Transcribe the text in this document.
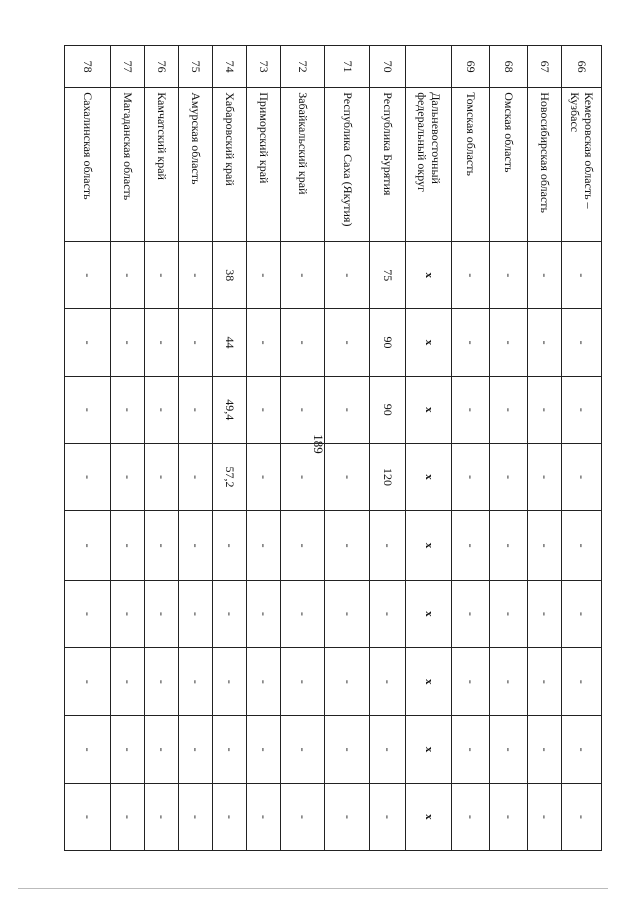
189
66	Кемеровская область – Кузбасс	-	-	-	-	-	-	-	-	-
67	Новосибирская область	-	-	-	-	-	-	-	-	-
68	Омская область	-	-	-	-	-	-	-	-	-
69	Томская область	-	-	-	-	-	-	-	-	-
	Дальневосточный федеральный округ	x	x	x	x	x	x	x	x	x
70	Республика Бурятия	75	90	90	120	-	-	-	-	-
71	Республика Саха (Якутия)	-	-	-	-	-	-	-	-	-
72	Забайкальский край	-	-	-	-	-	-	-	-	-
73	Приморский край	-	-	-	-	-	-	-	-	-
74	Хабаровский край	38	44	49,4	57,2	-	-	-	-	-
75	Амурская область	-	-	-	-	-	-	-	-	-
76	Камчатский край	-	-	-	-	-	-	-	-	-
77	Магаданская область	-	-	-	-	-	-	-	-	-
78	Сахалинская область	-	-	-	-	-	-	-	-	-
